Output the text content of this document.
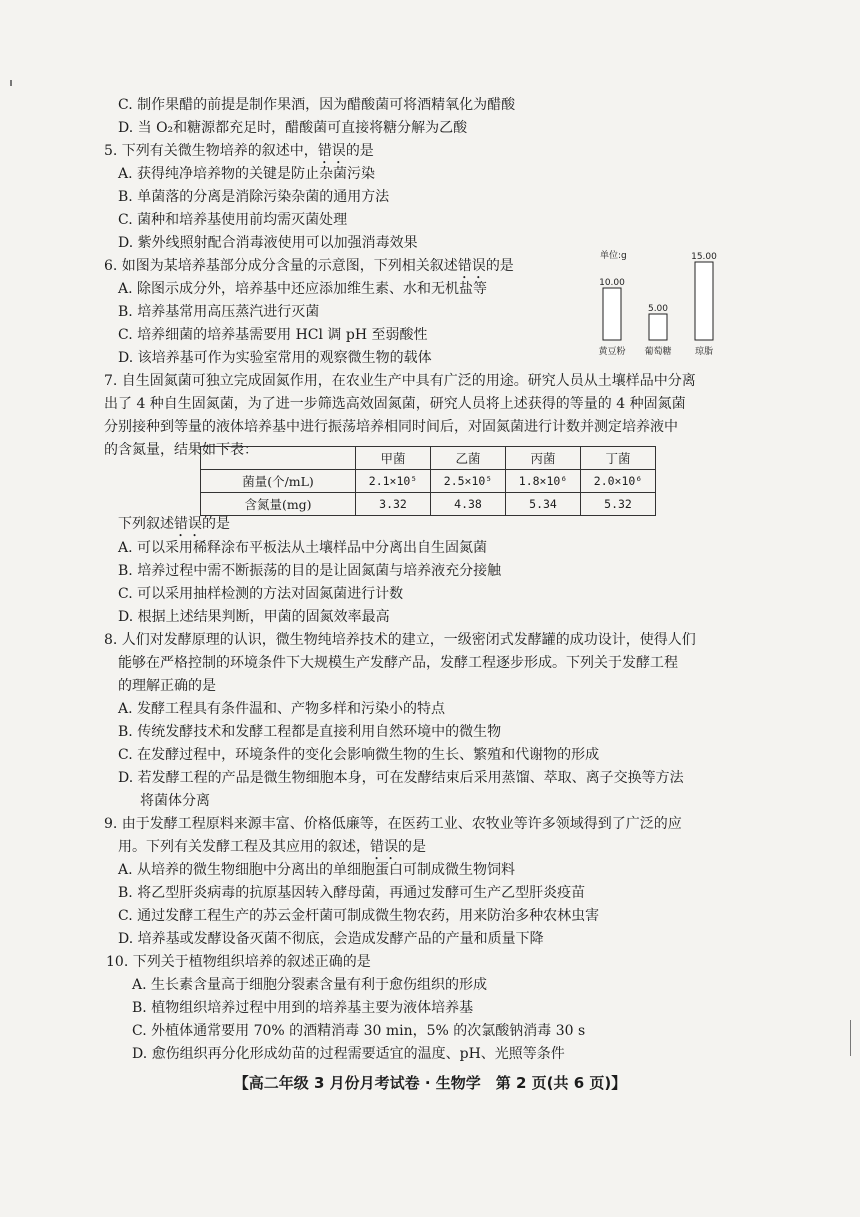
C. 制作果醋的前提是制作果酒，因为醋酸菌可将酒精氧化为醋酸
D. 当 O₂和糖源都充足时，醋酸菌可直接将糖分解为乙酸
5. 下列有关微生物培养的叙述中，错误的是
A. 获得纯净培养物的关键是防止杂菌污染
B. 单菌落的分离是消除污染杂菌的通用方法
C. 菌种和培养基使用前均需灭菌处理
D. 紫外线照射配合消毒液使用可以加强消毒效果
6. 如图为某培养基部分成分含量的示意图，下列相关叙述错误的是
A. 除图示成分外，培养基中还应添加维生素、水和无机盐等
B. 培养基常用高压蒸汽进行灭菌
C. 培养细菌的培养基需要用 HCl 调 pH 至弱酸性
D. 该培养基可作为实验室常用的观察微生物的载体
单位:g
10.00
黄豆粉
5.00
葡萄糖
15.00
琼脂
7. 自生固氮菌可独立完成固氮作用，在农业生产中具有广泛的用途。研究人员从土壤样品中分离
出了 4 种自生固氮菌，为了进一步筛选高效固氮菌，研究人员将上述获得的等量的 4 种固氮菌
分别接种到等量的液体培养基中进行振荡培养相同时间后，对固氮菌进行计数并测定培养液中
的含氮量，结果如下表：
	甲菌	乙菌	丙菌	丁菌
菌量(个/mL)	2.1×10⁵	2.5×10⁵	1.8×10⁶	2.0×10⁶
含氮量(mg)	3.32	4.38	5.34	5.32
下列叙述错误的是
A. 可以采用稀释涂布平板法从土壤样品中分离出自生固氮菌
B. 培养过程中需不断振荡的目的是让固氮菌与培养液充分接触
C. 可以采用抽样检测的方法对固氮菌进行计数
D. 根据上述结果判断，甲菌的固氮效率最高
8. 人们对发酵原理的认识，微生物纯培养技术的建立，一级密闭式发酵罐的成功设计，使得人们
能够在严格控制的环境条件下大规模生产发酵产品，发酵工程逐步形成。下列关于发酵工程
的理解正确的是
A. 发酵工程具有条件温和、产物多样和污染小的特点
B. 传统发酵技术和发酵工程都是直接利用自然环境中的微生物
C. 在发酵过程中，环境条件的变化会影响微生物的生长、繁殖和代谢物的形成
D. 若发酵工程的产品是微生物细胞本身，可在发酵结束后采用蒸馏、萃取、离子交换等方法
将菌体分离
9. 由于发酵工程原料来源丰富、价格低廉等，在医药工业、农牧业等许多领域得到了广泛的应
用。下列有关发酵工程及其应用的叙述，错误的是
A. 从培养的微生物细胞中分离出的单细胞蛋白可制成微生物饲料
B. 将乙型肝炎病毒的抗原基因转入酵母菌，再通过发酵可生产乙型肝炎疫苗
C. 通过发酵工程生产的苏云金杆菌可制成微生物农药，用来防治多种农林虫害
D. 培养基或发酵设备灭菌不彻底，会造成发酵产品的产量和质量下降
10. 下列关于植物组织培养的叙述正确的是
A. 生长素含量高于细胞分裂素含量有利于愈伤组织的形成
B. 植物组织培养过程中用到的培养基主要为液体培养基
C. 外植体通常要用 70% 的酒精消毒 30 min，5% 的次氯酸钠消毒 30 s
D. 愈伤组织再分化形成幼苗的过程需要适宜的温度、pH、光照等条件
【高二年级 3 月份月考试卷 · 生物学　第 2 页(共 6 页)】
